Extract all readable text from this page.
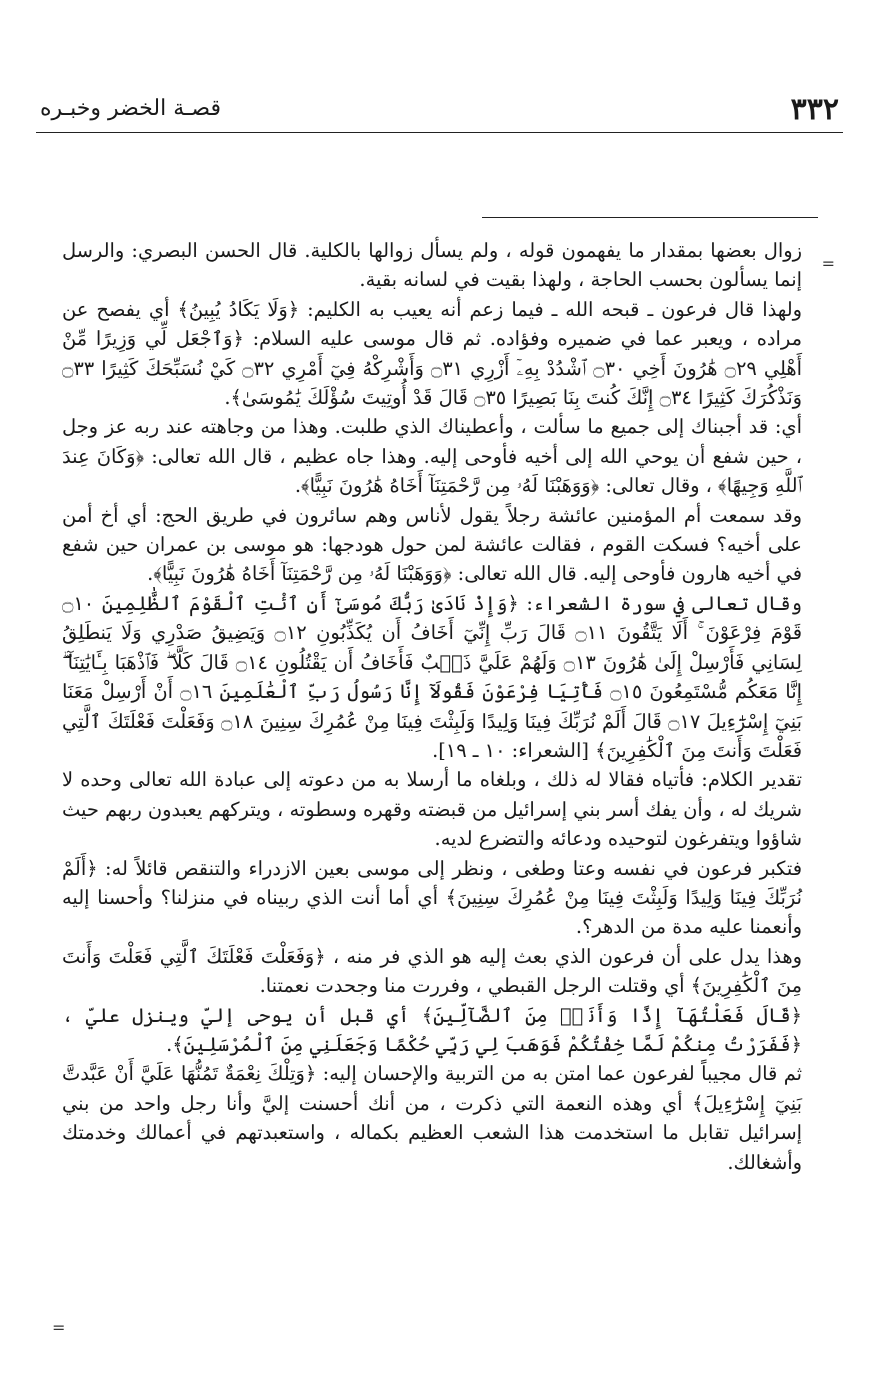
٣٣٢
قصـة الخضر وخبـره
=
=

زوال بعضها بمقدار ما يفهمون قوله ، ولم يسأل زوالها بالكلية. قال الحسن البصري: والرسل إنما يسألون بحسب الحاجة ، ولهذا بقيت في لسانه بقية.

ولهذا قال فرعون ـ قبحه الله ـ فيما زعم أنه يعيب به الكليم: ﴿وَلَا يَكَادُ يُبِينُ﴾ أي يفصح عن مراده ، ويعبر عما في ضميره وفؤاده. ثم قال موسى عليه السلام: ﴿وَٱجْعَل لِّي وَزِيرًا مِّنْ أَهْلِي ۝٢٩ هَٰرُونَ أَخِي ۝٣٠ ٱشْدُدْ بِهِۦٓ أَزْرِي ۝٣١ وَأَشْرِكْهُ فِيٓ أَمْرِي ۝٣٢ كَيْ نُسَبِّحَكَ كَثِيرًا ۝٣٣ وَنَذْكُرَكَ كَثِيرًا ۝٣٤ إِنَّكَ كُنتَ بِنَا بَصِيرًا ۝٣٥ قَالَ قَدْ أُوتِيتَ سُؤْلَكَ يَٰمُوسَىٰ﴾.

أي: قد أجبناك إلى جميع ما سألت ، وأعطيناك الذي طلبت. وهذا من وجاهته عند ربه عز وجل ، حين شفع أن يوحي الله إلى أخيه فأوحى إليه. وهذا جاه عظيم ، قال الله تعالى: ﴿وَكَانَ عِندَ ٱللَّهِ وَجِيهًا﴾ ، وقال تعالى: ﴿وَوَهَبْنَا لَهُۥ مِن رَّحْمَتِنَآ أَخَاهُ هَٰرُونَ نَبِيًّا﴾.

وقد سمعت أم المؤمنين عائشة رجلاً يقول لأناس وهم سائرون في طريق الحج: أي أخ أمن على أخيه؟ فسكت القوم ، فقالت عائشة لمن حول هودجها: هو موسى بن عمران حين شفع في أخيه هارون فأوحى إليه. قال الله تعالى: ﴿وَوَهَبْنَا لَهُۥ مِن رَّحْمَتِنَآ أَخَاهُ هَٰرُونَ نَبِيًّا﴾.

وقال تعالى في سورة الشعراء: ﴿وَإِذْ نَادَىٰ رَبُّكَ مُوسَىٰٓ أَنِ ٱئْتِ ٱلْقَوْمَ ٱلظَّٰلِمِينَ ۝١٠ قَوْمَ فِرْعَوْنَ ۚ أَلَا يَتَّقُونَ ۝١١ قَالَ رَبِّ إِنِّيٓ أَخَافُ أَن يُكَذِّبُونِ ۝١٢ وَيَضِيقُ صَدْرِي وَلَا يَنطَلِقُ لِسَانِي فَأَرْسِلْ إِلَىٰ هَٰرُونَ ۝١٣ وَلَهُمْ عَلَيَّ ذَنۢبٌ فَأَخَافُ أَن يَقْتُلُونِ ۝١٤ قَالَ كَلَّا ۖ فَٱذْهَبَا بِـَٔايَٰتِنَآ ۖ إِنَّا مَعَكُم مُّسْتَمِعُونَ ۝١٥ فَأْتِيَا فِرْعَوْنَ فَقُولَآ إِنَّا رَسُولُ رَبِّ ٱلْعَٰلَمِينَ ۝١٦ أَنْ أَرْسِلْ مَعَنَا بَنِيٓ إِسْرَٰٓءِيلَ ۝١٧ قَالَ أَلَمْ نُرَبِّكَ فِينَا وَلِيدًا وَلَبِثْتَ فِينَا مِنْ عُمُرِكَ سِنِينَ ۝١٨ وَفَعَلْتَ فَعْلَتَكَ ٱلَّتِي فَعَلْتَ وَأَنتَ مِنَ ٱلْكَٰفِرِينَ﴾ [الشعراء: ١٠ ـ ١٩].

تقدير الكلام: فأتياه فقالا له ذلك ، وبلغاه ما أرسلا به من دعوته إلى عبادة الله تعالى وحده لا شريك له ، وأن يفك أسر بني إسرائيل من قبضته وقهره وسطوته ، ويتركهم يعبدون ربهم حيث شاؤوا ويتفرغون لتوحيده ودعائه والتضرع لديه.

فتكبر فرعون في نفسه وعتا وطغى ، ونظر إلى موسى بعين الازدراء والتنقص قائلاً له: ﴿أَلَمْ نُرَبِّكَ فِينَا وَلِيدًا وَلَبِثْتَ فِينَا مِنْ عُمُرِكَ سِنِينَ﴾ أي أما أنت الذي ربيناه في منزلنا؟ وأحسنا إليه وأنعمنا عليه مدة من الدهر؟.

وهذا يدل على أن فرعون الذي بعث إليه هو الذي فر منه ، ﴿وَفَعَلْتَ فَعْلَتَكَ ٱلَّتِي فَعَلْتَ وَأَنتَ مِنَ ٱلْكَٰفِرِينَ﴾ أي وقتلت الرجل القبطي ، وفررت منا وجحدت نعمتنا.

﴿قَالَ فَعَلْتُهَآ إِذًا وَأَنَا۠ مِنَ ٱلضَّآلِّينَ﴾ أي قبل أن يوحى إليّ وينزل عليّ ، ﴿فَفَرَرْتُ مِنكُمْ لَمَّا خِفْتُكُمْ فَوَهَبَ لِي رَبِّي حُكْمًا وَجَعَلَنِي مِنَ ٱلْمُرْسَلِينَ﴾.

ثم قال مجيباً لفرعون عما امتن به من التربية والإحسان إليه: ﴿وَتِلْكَ نِعْمَةٌ تَمُنُّهَا عَلَيَّ أَنْ عَبَّدتَّ بَنِيٓ إِسْرَٰٓءِيلَ﴾ أي وهذه النعمة التي ذكرت ، من أنك أحسنت إليَّ وأنا رجل واحد من بني إسرائيل تقابل ما استخدمت هذا الشعب العظيم بكماله ، واستعبدتهم في أعمالك وخدمتك وأشغالك.
